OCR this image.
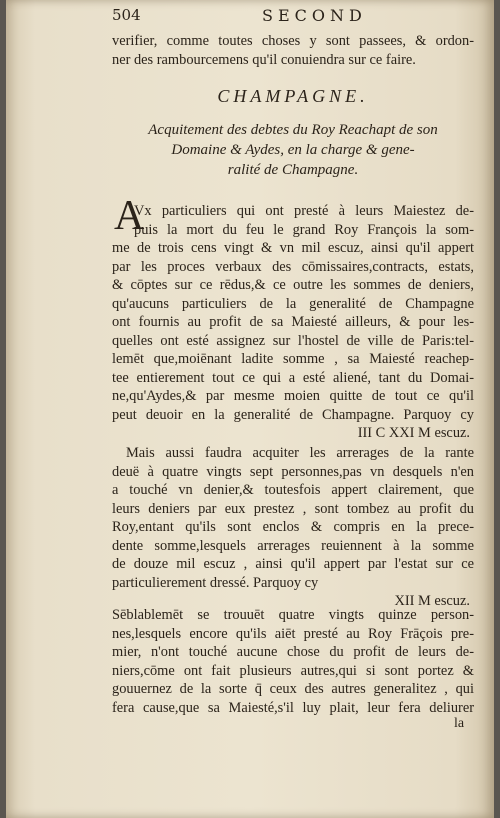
504	SECOND
verifier, comme toutes choses y sont passees, & ordon-
ner des rambourcemens qu'il conuiendra sur ce faire.
CHAMPAGNE.
Acquitement des debtes du Roy Reachapt de son
Domaine & Aydes, en la charge & gene-
ralité de Champagne.
A
Vx particuliers qui ont presté à leurs Maiestez de-
puis la mort du feu le grand Roy François la som-
me de trois cens vingt & vn mil escuz, ainsi qu'il appert
par les proces verbaux des cōmissaires,contracts, estats,
& cōptes sur ce rēdus,& ce outre les sommes de deniers,
qu'aucuns particuliers de la generalité de Champagne
ont fournis au profit de sa Maiesté ailleurs, & pour les-
quelles ont esté assignez sur l'hostel de ville de Paris:tel-
lemēt que,moiēnant ladite somme , sa Maiesté reachep-
tee entierement tout ce qui a esté aliené, tant du Domai-
ne,qu'Aydes,& par mesme moien quitte de tout ce qu'il
peut deuoir en la generalité de Champagne. Parquoy cy
III C XXI M escuz.
Mais aussi faudra acquiter les arrerages de la rante
deuë à quatre vingts sept personnes,pas vn desquels n'en
a touché vn denier,& toutesfois appert clairement, que
leurs deniers par eux prestez , sont tombez au profit du
Roy,entant qu'ils sont enclos & compris en la prece-
dente somme,lesquels arrerages reuiennent à la somme
de douze mil escuz , ainsi qu'il appert par l'estat sur ce
particulierement dressé. Parquoy cy
XII M escuz.
Sēblablemēt se trouuēt quatre vingts quinze person-
nes,lesquels encore qu'ils aiēt presté au Roy Frāçois pre-
mier, n'ont touché aucune chose du profit de leurs de-
niers,cōme ont fait plusieurs autres,qui si sont portez &
gouuernez de la sorte q̄ ceux des autres generalitez , qui
fera cause,que sa Maiesté,s'il luy plait, leur fera deliurer
la
